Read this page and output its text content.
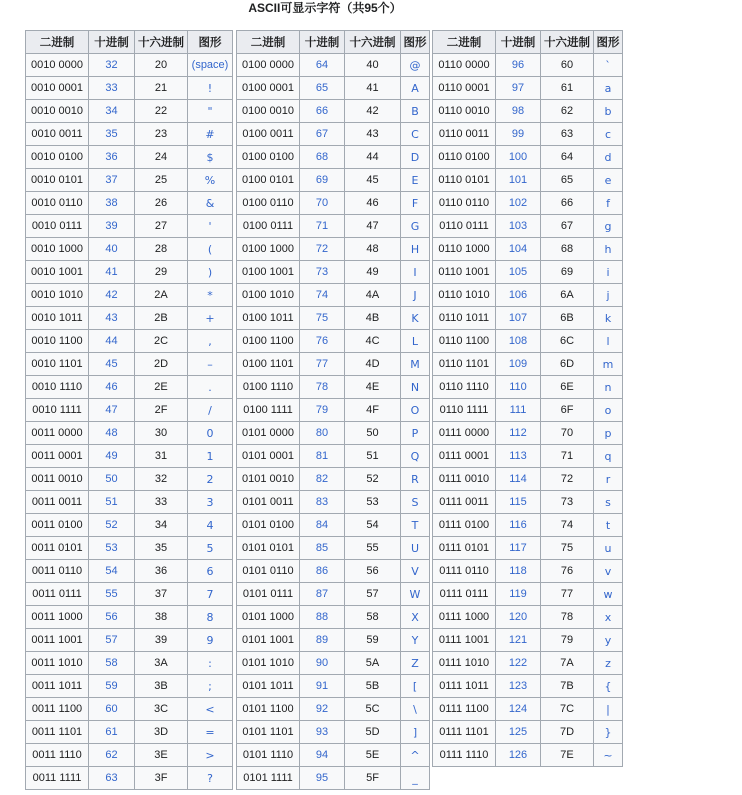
ASCII可显示字符（共95个）
二进制	十进制	十六进制	图形
0010 0000	32	20	(space)
0010 0001	33	21	!
0010 0010	34	22	"
0010 0011	35	23	#
0010 0100	36	24	$
0010 0101	37	25	%
0010 0110	38	26	&
0010 0111	39	27	'
0010 1000	40	28	(
0010 1001	41	29	)
0010 1010	42	2A	*
0010 1011	43	2B	+
0010 1100	44	2C	,
0010 1101	45	2D	–
0010 1110	46	2E	.
0010 1111	47	2F	/
0011 0000	48	30	0
0011 0001	49	31	1
0011 0010	50	32	2
0011 0011	51	33	3
0011 0100	52	34	4
0011 0101	53	35	5
0011 0110	54	36	6
0011 0111	55	37	7
0011 1000	56	38	8
0011 1001	57	39	9
0011 1010	58	3A	:
0011 1011	59	3B	;
0011 1100	60	3C	<
0011 1101	61	3D	=
0011 1110	62	3E	>
0011 1111	63	3F	?
二进制	十进制	十六进制	图形
0100 0000	64	40	@
0100 0001	65	41	A
0100 0010	66	42	B
0100 0011	67	43	C
0100 0100	68	44	D
0100 0101	69	45	E
0100 0110	70	46	F
0100 0111	71	47	G
0100 1000	72	48	H
0100 1001	73	49	I
0100 1010	74	4A	J
0100 1011	75	4B	K
0100 1100	76	4C	L
0100 1101	77	4D	M
0100 1110	78	4E	N
0100 1111	79	4F	O
0101 0000	80	50	P
0101 0001	81	51	Q
0101 0010	82	52	R
0101 0011	83	53	S
0101 0100	84	54	T
0101 0101	85	55	U
0101 0110	86	56	V
0101 0111	87	57	W
0101 1000	88	58	X
0101 1001	89	59	Y
0101 1010	90	5A	Z
0101 1011	91	5B	[
0101 1100	92	5C	\
0101 1101	93	5D	]
0101 1110	94	5E	^
0101 1111	95	5F	_
二进制	十进制	十六进制	图形
0110 0000	96	60	`
0110 0001	97	61	a
0110 0010	98	62	b
0110 0011	99	63	c
0110 0100	100	64	d
0110 0101	101	65	e
0110 0110	102	66	f
0110 0111	103	67	g
0110 1000	104	68	h
0110 1001	105	69	i
0110 1010	106	6A	j
0110 1011	107	6B	k
0110 1100	108	6C	l
0110 1101	109	6D	m
0110 1110	110	6E	n
0110 1111	111	6F	o
0111 0000	112	70	p
0111 0001	113	71	q
0111 0010	114	72	r
0111 0011	115	73	s
0111 0100	116	74	t
0111 0101	117	75	u
0111 0110	118	76	v
0111 0111	119	77	w
0111 1000	120	78	x
0111 1001	121	79	y
0111 1010	122	7A	z
0111 1011	123	7B	{
0111 1100	124	7C	|
0111 1101	125	7D	}
0111 1110	126	7E	~
